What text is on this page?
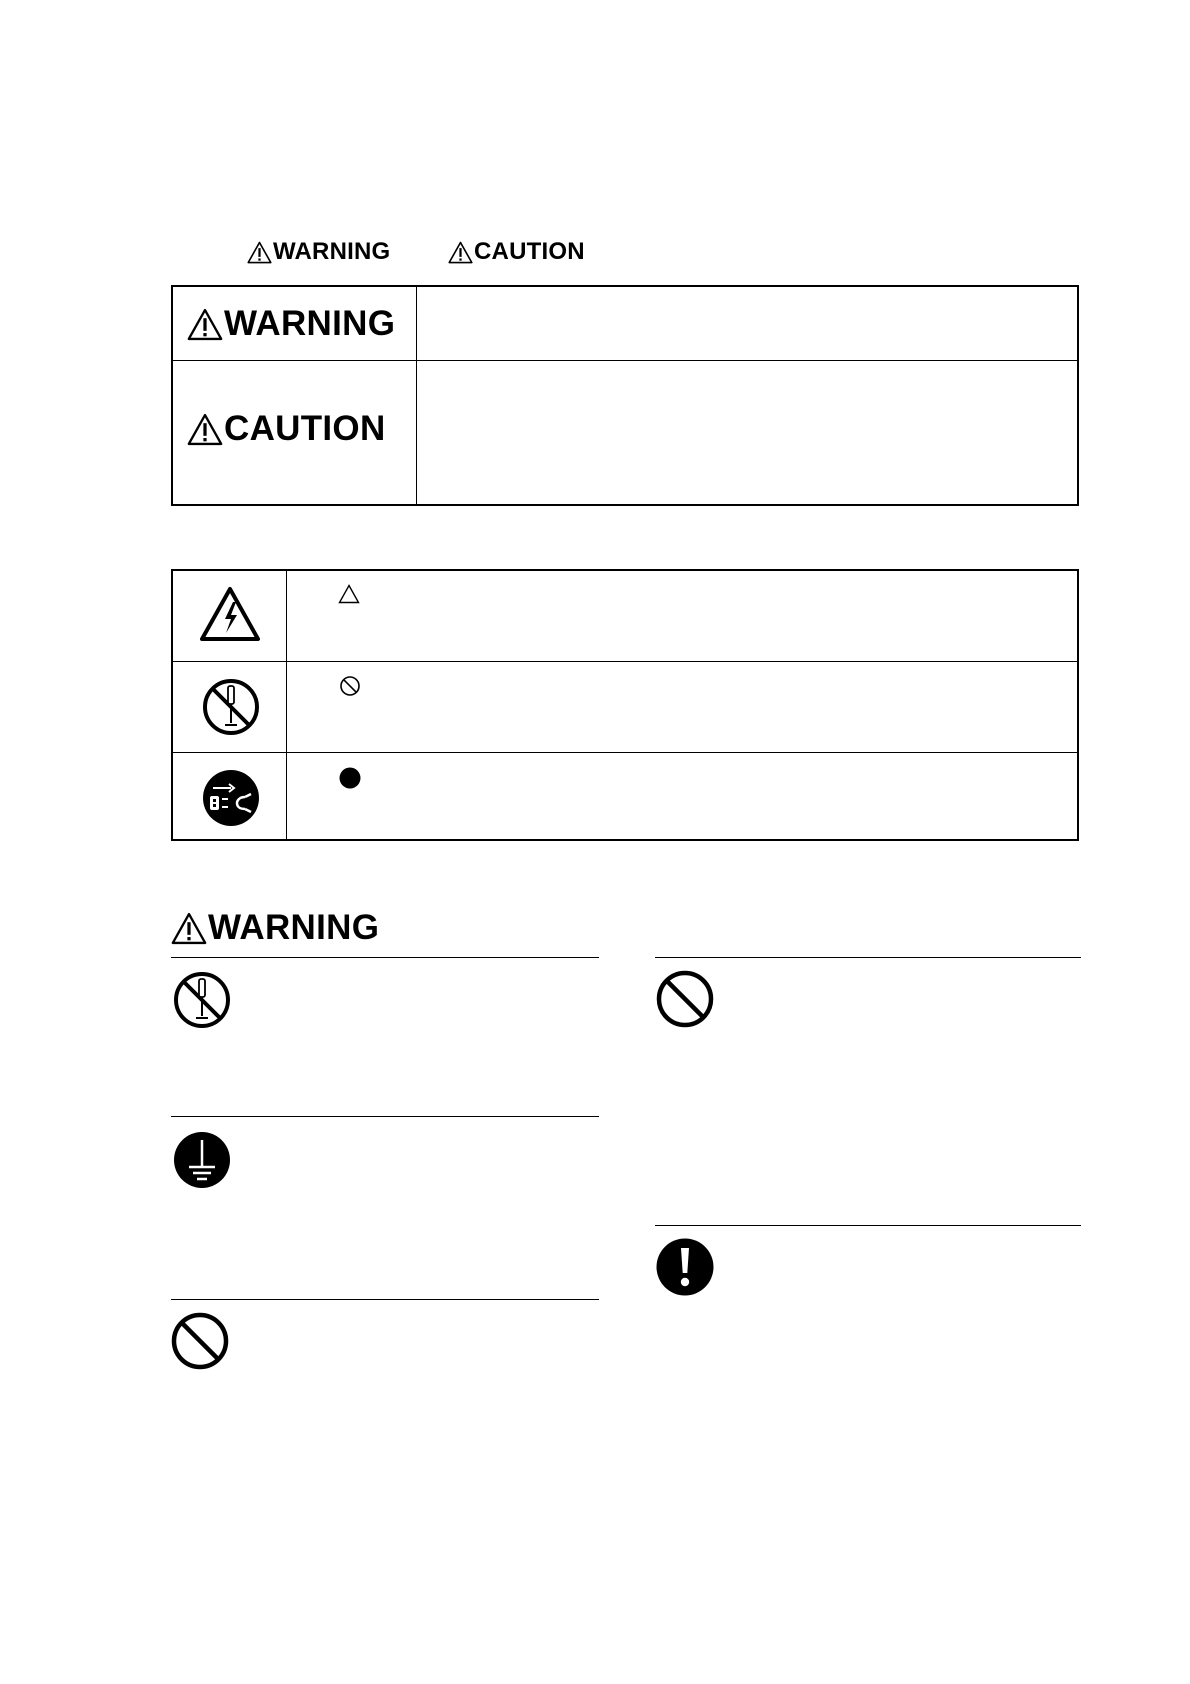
WARNING	CAUTION
WARNING
CAUTION
WARNING
